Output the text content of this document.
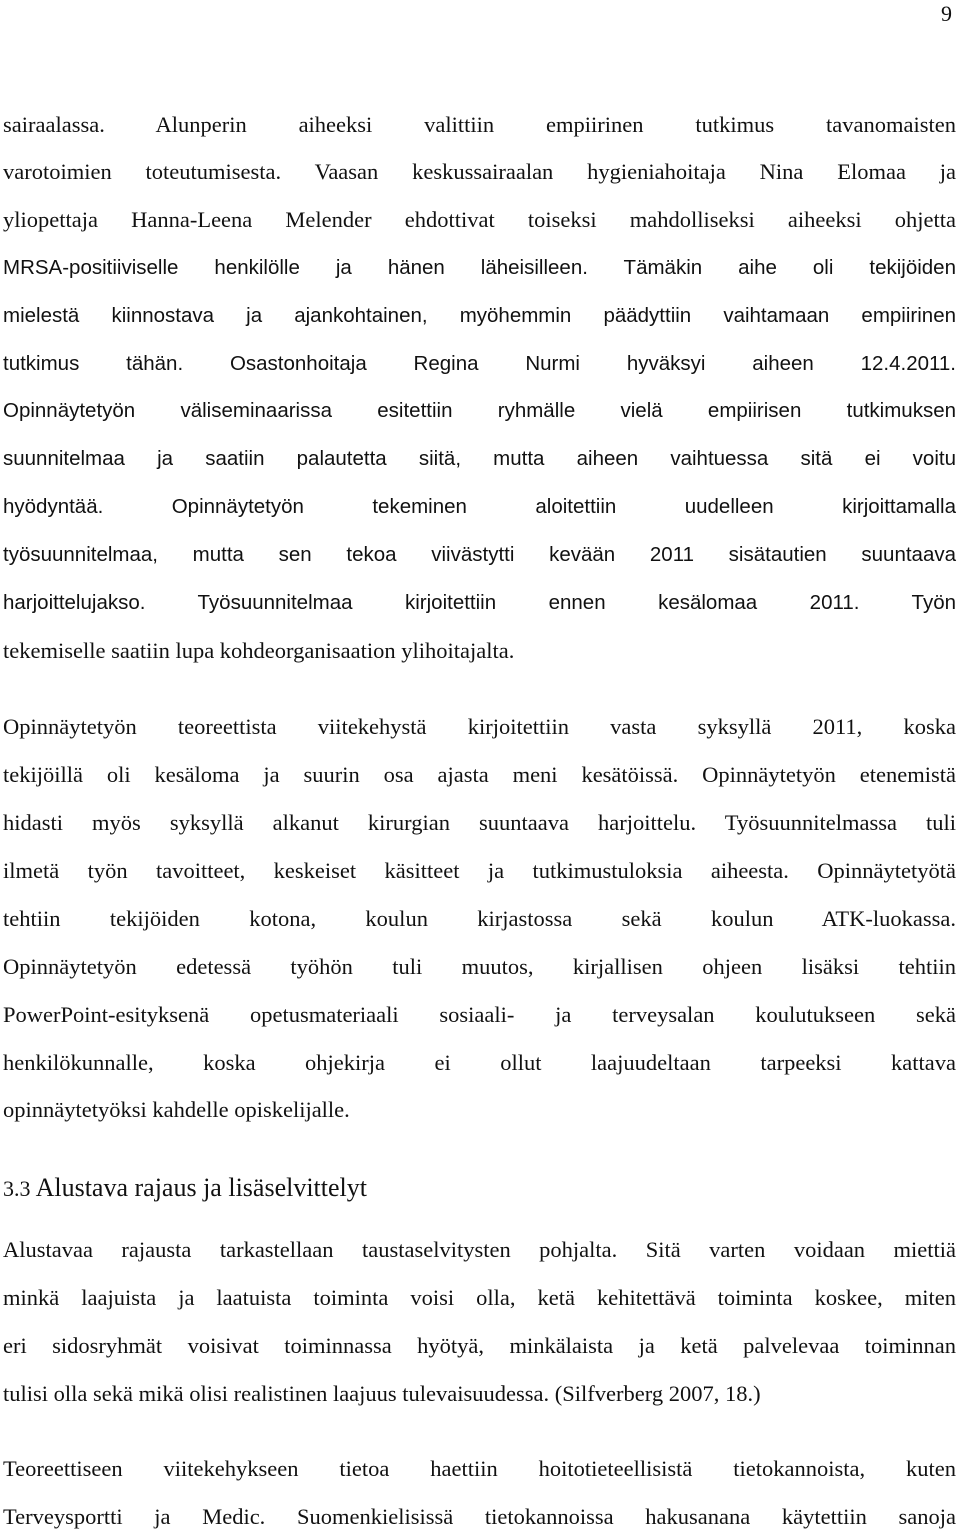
9
sairaalassa. Alunperin aiheeksi valittiin empiirinen tutkimus tavanomaisten
varotoimien toteutumisesta. Vaasan keskussairaalan hygieniahoitaja Nina Elomaa ja
yliopettaja Hanna-Leena Melender ehdottivat toiseksi mahdolliseksi aiheeksi ohjetta
MRSA-positiiviselle henkilölle ja hänen läheisilleen. Tämäkin aihe oli tekijöiden
mielestä kiinnostava ja ajankohtainen, myöhemmin päädyttiin vaihtamaan empiirinen
tutkimus tähän. Osastonhoitaja Regina Nurmi hyväksyi aiheen 12.4.2011.
Opinnäytetyön väliseminaarissa esitettiin ryhmälle vielä empiirisen tutkimuksen
suunnitelmaa ja saatiin palautetta siitä, mutta aiheen vaihtuessa sitä ei voitu
hyödyntää. Opinnäytetyön tekeminen aloitettiin uudelleen kirjoittamalla
työsuunnitelmaa, mutta sen tekoa viivästytti kevään 2011 sisätautien suuntaava
harjoittelujakso. Työsuunnitelmaa kirjoitettiin ennen kesälomaa 2011. Työn
tekemiselle saatiin lupa kohdeorganisaation ylihoitajalta.
Opinnäytetyön teoreettista viitekehystä kirjoitettiin vasta syksyllä 2011, koska
tekijöillä oli kesäloma ja suurin osa ajasta meni kesätöissä. Opinnäytetyön etenemistä
hidasti myös syksyllä alkanut kirurgian suuntaava harjoittelu. Työsuunnitelmassa tuli
ilmetä työn tavoitteet, keskeiset käsitteet ja tutkimustuloksia aiheesta. Opinnäytetyötä
tehtiin tekijöiden kotona, koulun kirjastossa sekä koulun ATK-luokassa.
Opinnäytetyön edetessä työhön tuli muutos, kirjallisen ohjeen lisäksi tehtiin
PowerPoint-esityksenä opetusmateriaali sosiaali- ja terveysalan koulutukseen sekä
henkilökunnalle, koska ohjekirja ei ollut laajuudeltaan tarpeeksi kattava
opinnäytetyöksi kahdelle opiskelijalle.
3.3 Alustava rajaus ja lisäselvittelyt
Alustavaa rajausta tarkastellaan taustaselvitysten pohjalta. Sitä varten voidaan miettiä
minkä laajuista ja laatuista toiminta voisi olla, ketä kehitettävä toiminta koskee, miten
eri sidosryhmät voisivat toiminnassa hyötyä, minkälaista ja ketä palvelevaa toiminnan
tulisi olla sekä mikä olisi realistinen laajuus tulevaisuudessa. (Silfverberg 2007, 18.)
Teoreettiseen viitekehykseen tietoa haettiin hoitotieteellisistä tietokannoista, kuten
Terveysportti ja Medic. Suomenkielisissä tietokannoissa hakusanana käytettiin sanoja
